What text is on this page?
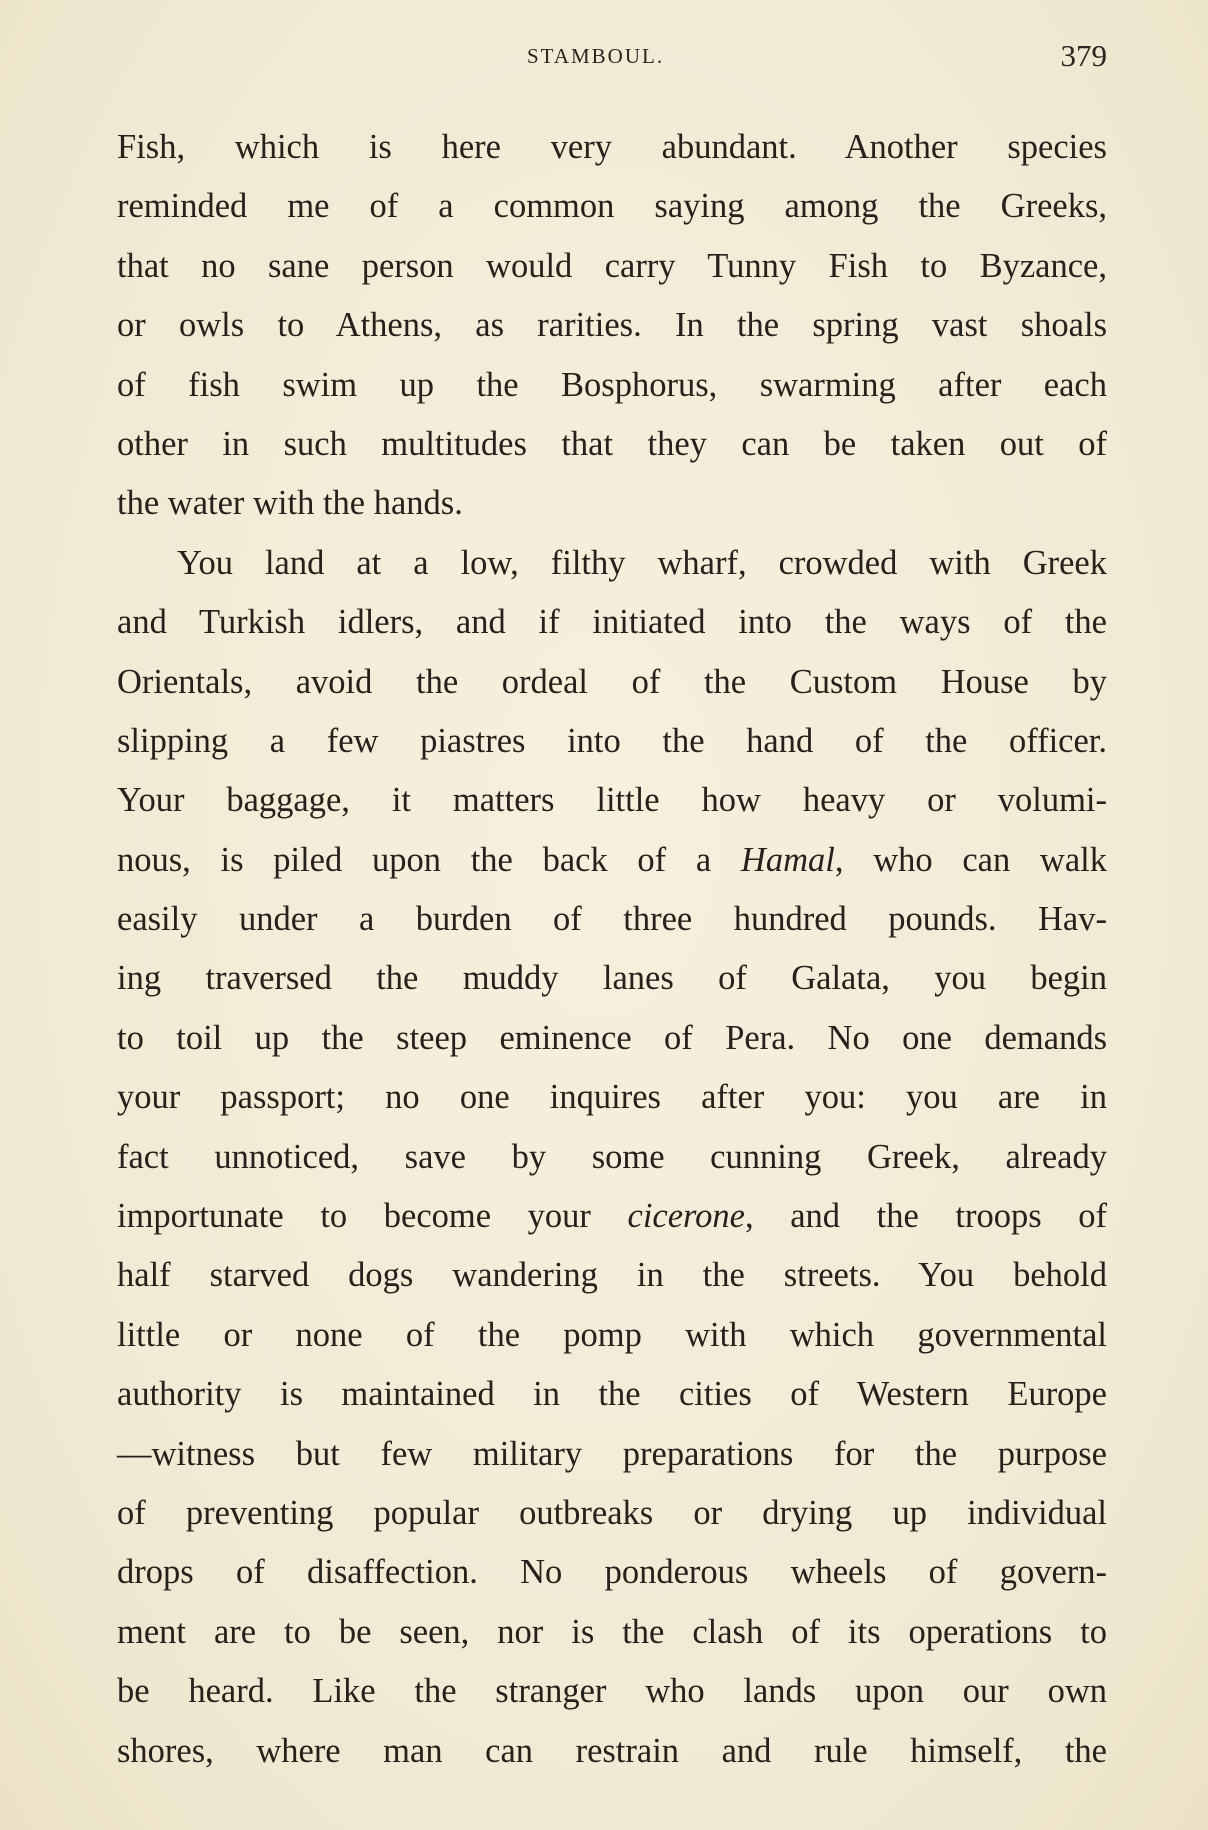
STAMBOUL.	379
Fish, which is here very abundant. Another species
reminded me of a common saying among the Greeks,
that no sane person would carry Tunny Fish to Byzance,
or owls to Athens, as rarities. In the spring vast shoals
of fish swim up the Bosphorus, swarming after each
other in such multitudes that they can be taken out of
the water with the hands.
You land at a low, filthy wharf, crowded with Greek
and Turkish idlers, and if initiated into the ways of the
Orientals, avoid the ordeal of the Custom House by
slipping a few piastres into the hand of the officer.
Your baggage, it matters little how heavy or volumi-
nous, is piled upon the back of a Hamal, who can walk
easily under a burden of three hundred pounds. Hav-
ing traversed the muddy lanes of Galata, you begin
to toil up the steep eminence of Pera. No one demands
your passport; no one inquires after you: you are in
fact unnoticed, save by some cunning Greek, already
importunate to become your cicerone, and the troops of
half starved dogs wandering in the streets. You behold
little or none of the pomp with which governmental
authority is maintained in the cities of Western Europe
—witness but few military preparations for the purpose
of preventing popular outbreaks or drying up individual
drops of disaffection. No ponderous wheels of govern-
ment are to be seen, nor is the clash of its operations to
be heard. Like the stranger who lands upon our own
shores, where man can restrain and rule himself, the
